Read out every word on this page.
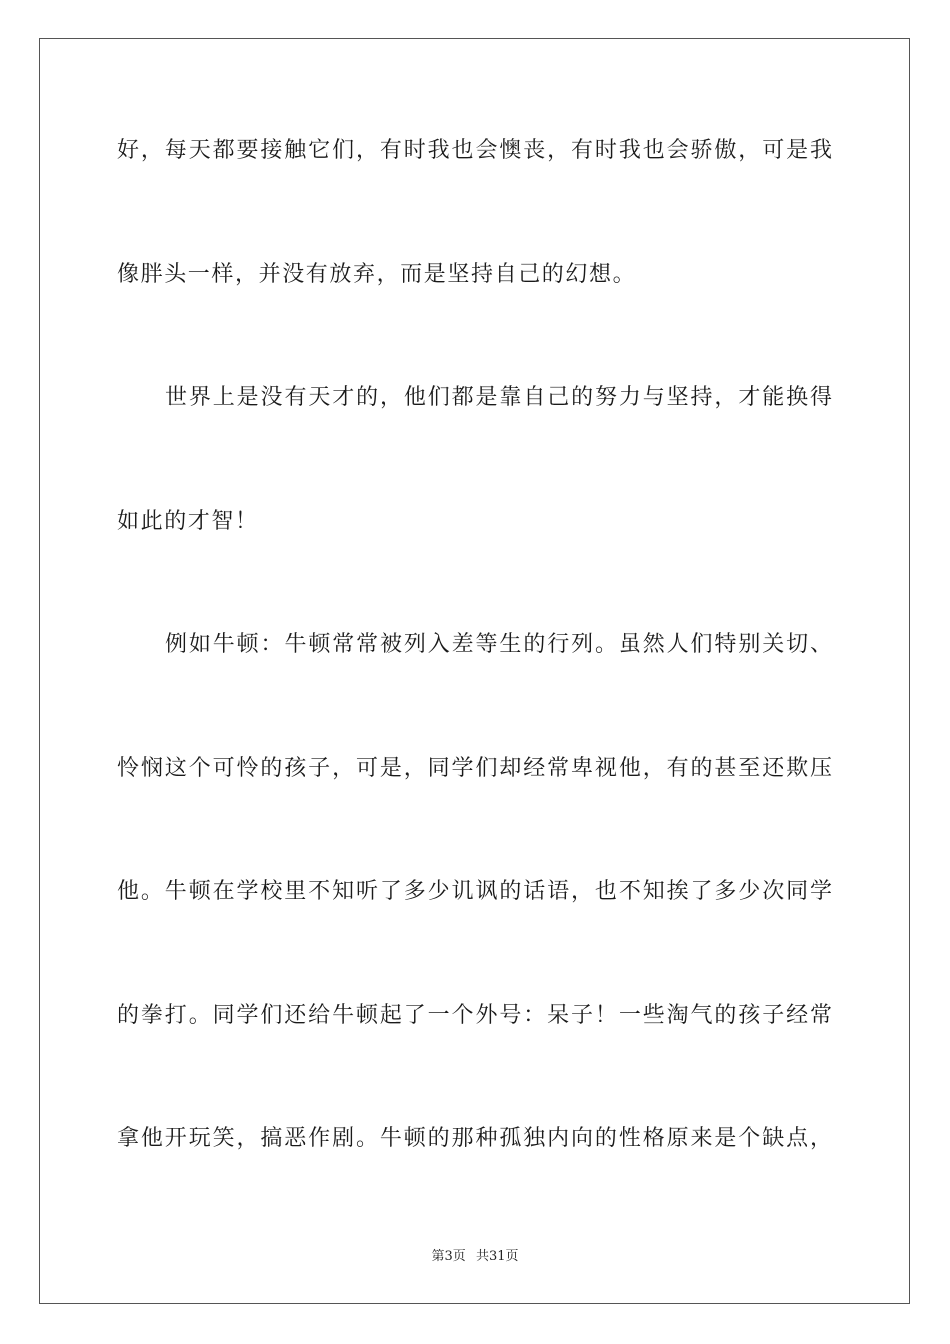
好，每天都要接触它们，有时我也会懊丧，有时我也会骄傲，可是我
像胖头一样，并没有放弃，而是坚持自己的幻想。
世界上是没有天才的，他们都是靠自己的努力与坚持，才能换得
如此的才智！
例如牛顿：牛顿常常被列入差等生的行列。虽然人们特别关切、
怜悯这个可怜的孩子，可是，同学们却经常卑视他，有的甚至还欺压
他。牛顿在学校里不知听了多少讥讽的话语，也不知挨了多少次同学
的拳打。同学们还给牛顿起了一个外号：呆子！一些淘气的孩子经常
拿他开玩笑，搞恶作剧。牛顿的那种孤独内向的性格原来是个缺点，
第3页 共31页
